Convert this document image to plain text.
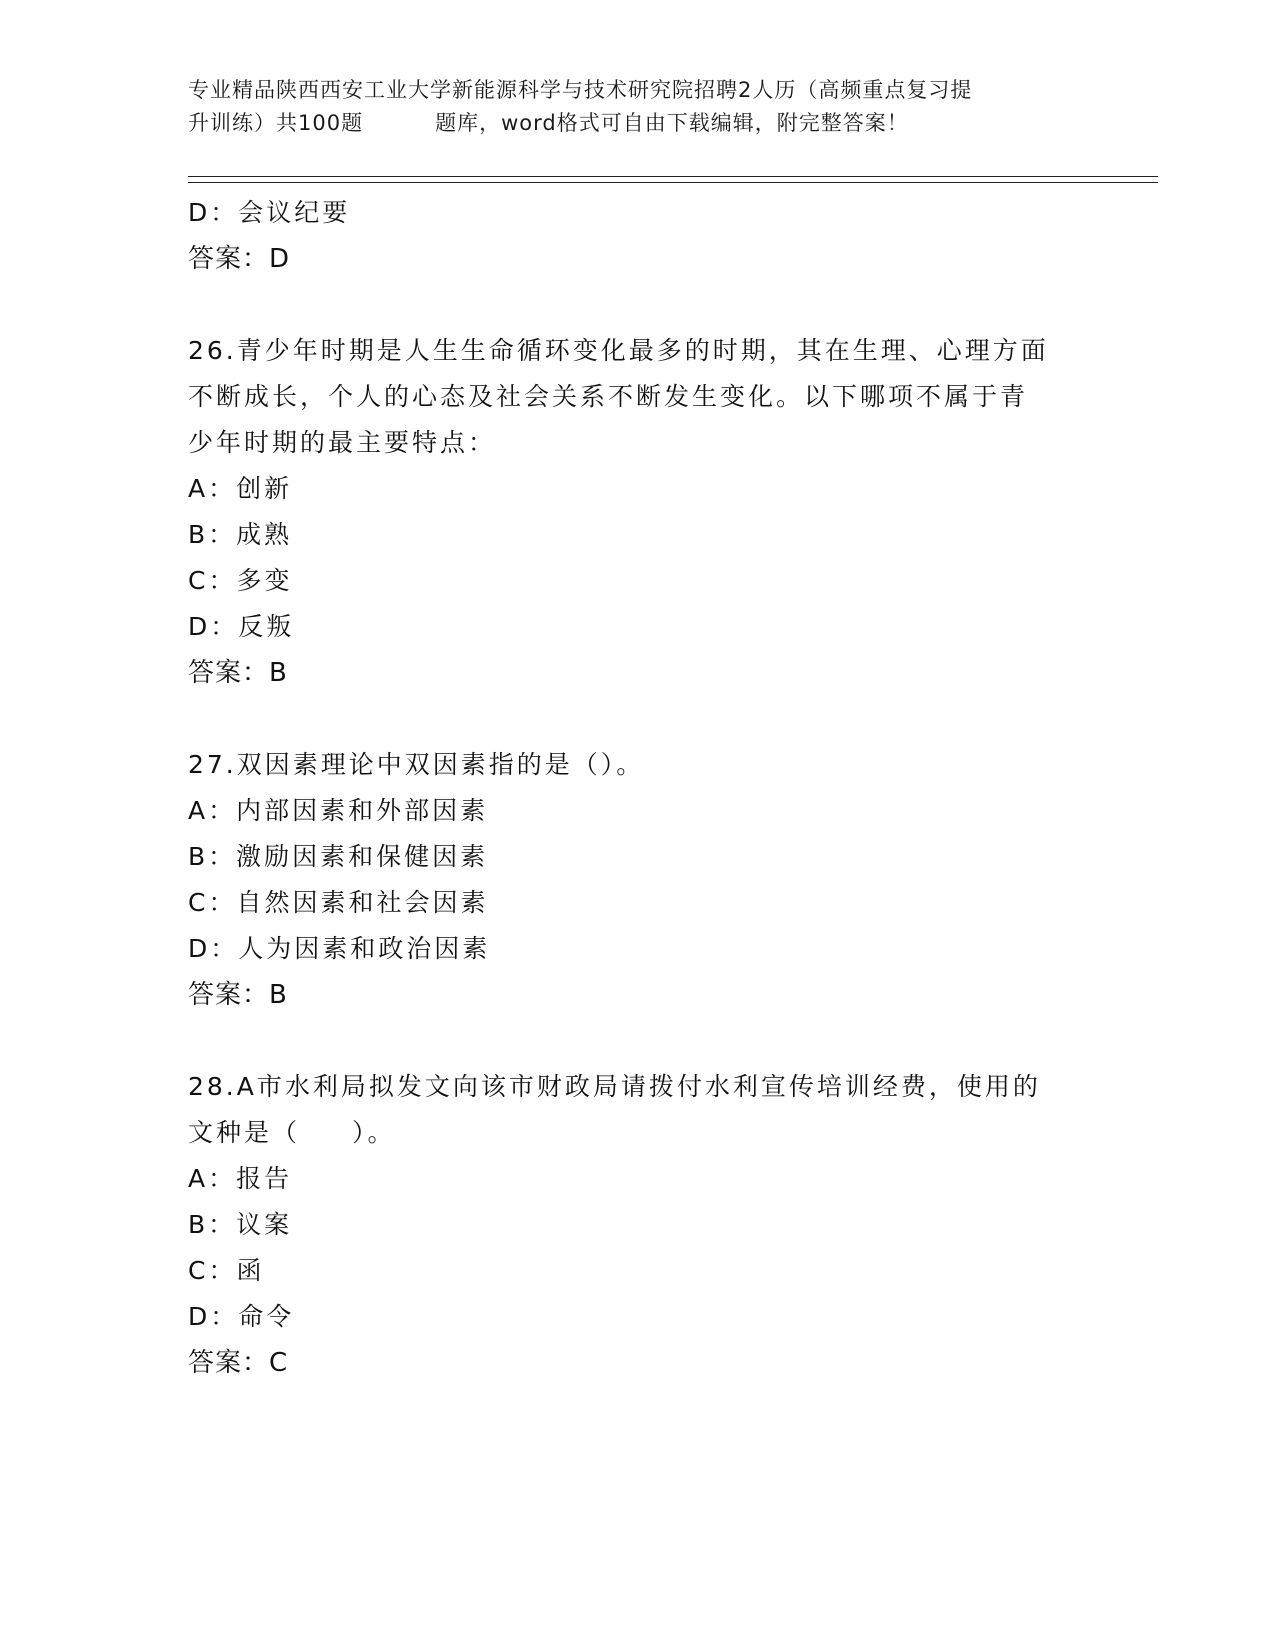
专业精品陕西西安工业大学新能源科学与技术研究院招聘2人历（高频重点复习提
升训练）共100题	题库，word格式可自由下载编辑，附完整答案！
D：会议纪要
答案：D
26.青少年时期是人生生命循环变化最多的时期，其在生理、心理方面
不断成长，个人的心态及社会关系不断发生变化。以下哪项不属于青
少年时期的最主要特点：
A：创新
B：成熟
C：多变
D：反叛
答案：B
27.双因素理论中双因素指的是（）。
A：内部因素和外部因素
B：激励因素和保健因素
C：自然因素和社会因素
D：人为因素和政治因素
答案：B
28.A市水利局拟发文向该市财政局请拨付水利宣传培训经费，使用的
文种是（ ）。
A：报告
B：议案
C：函
D：命令
答案：C
